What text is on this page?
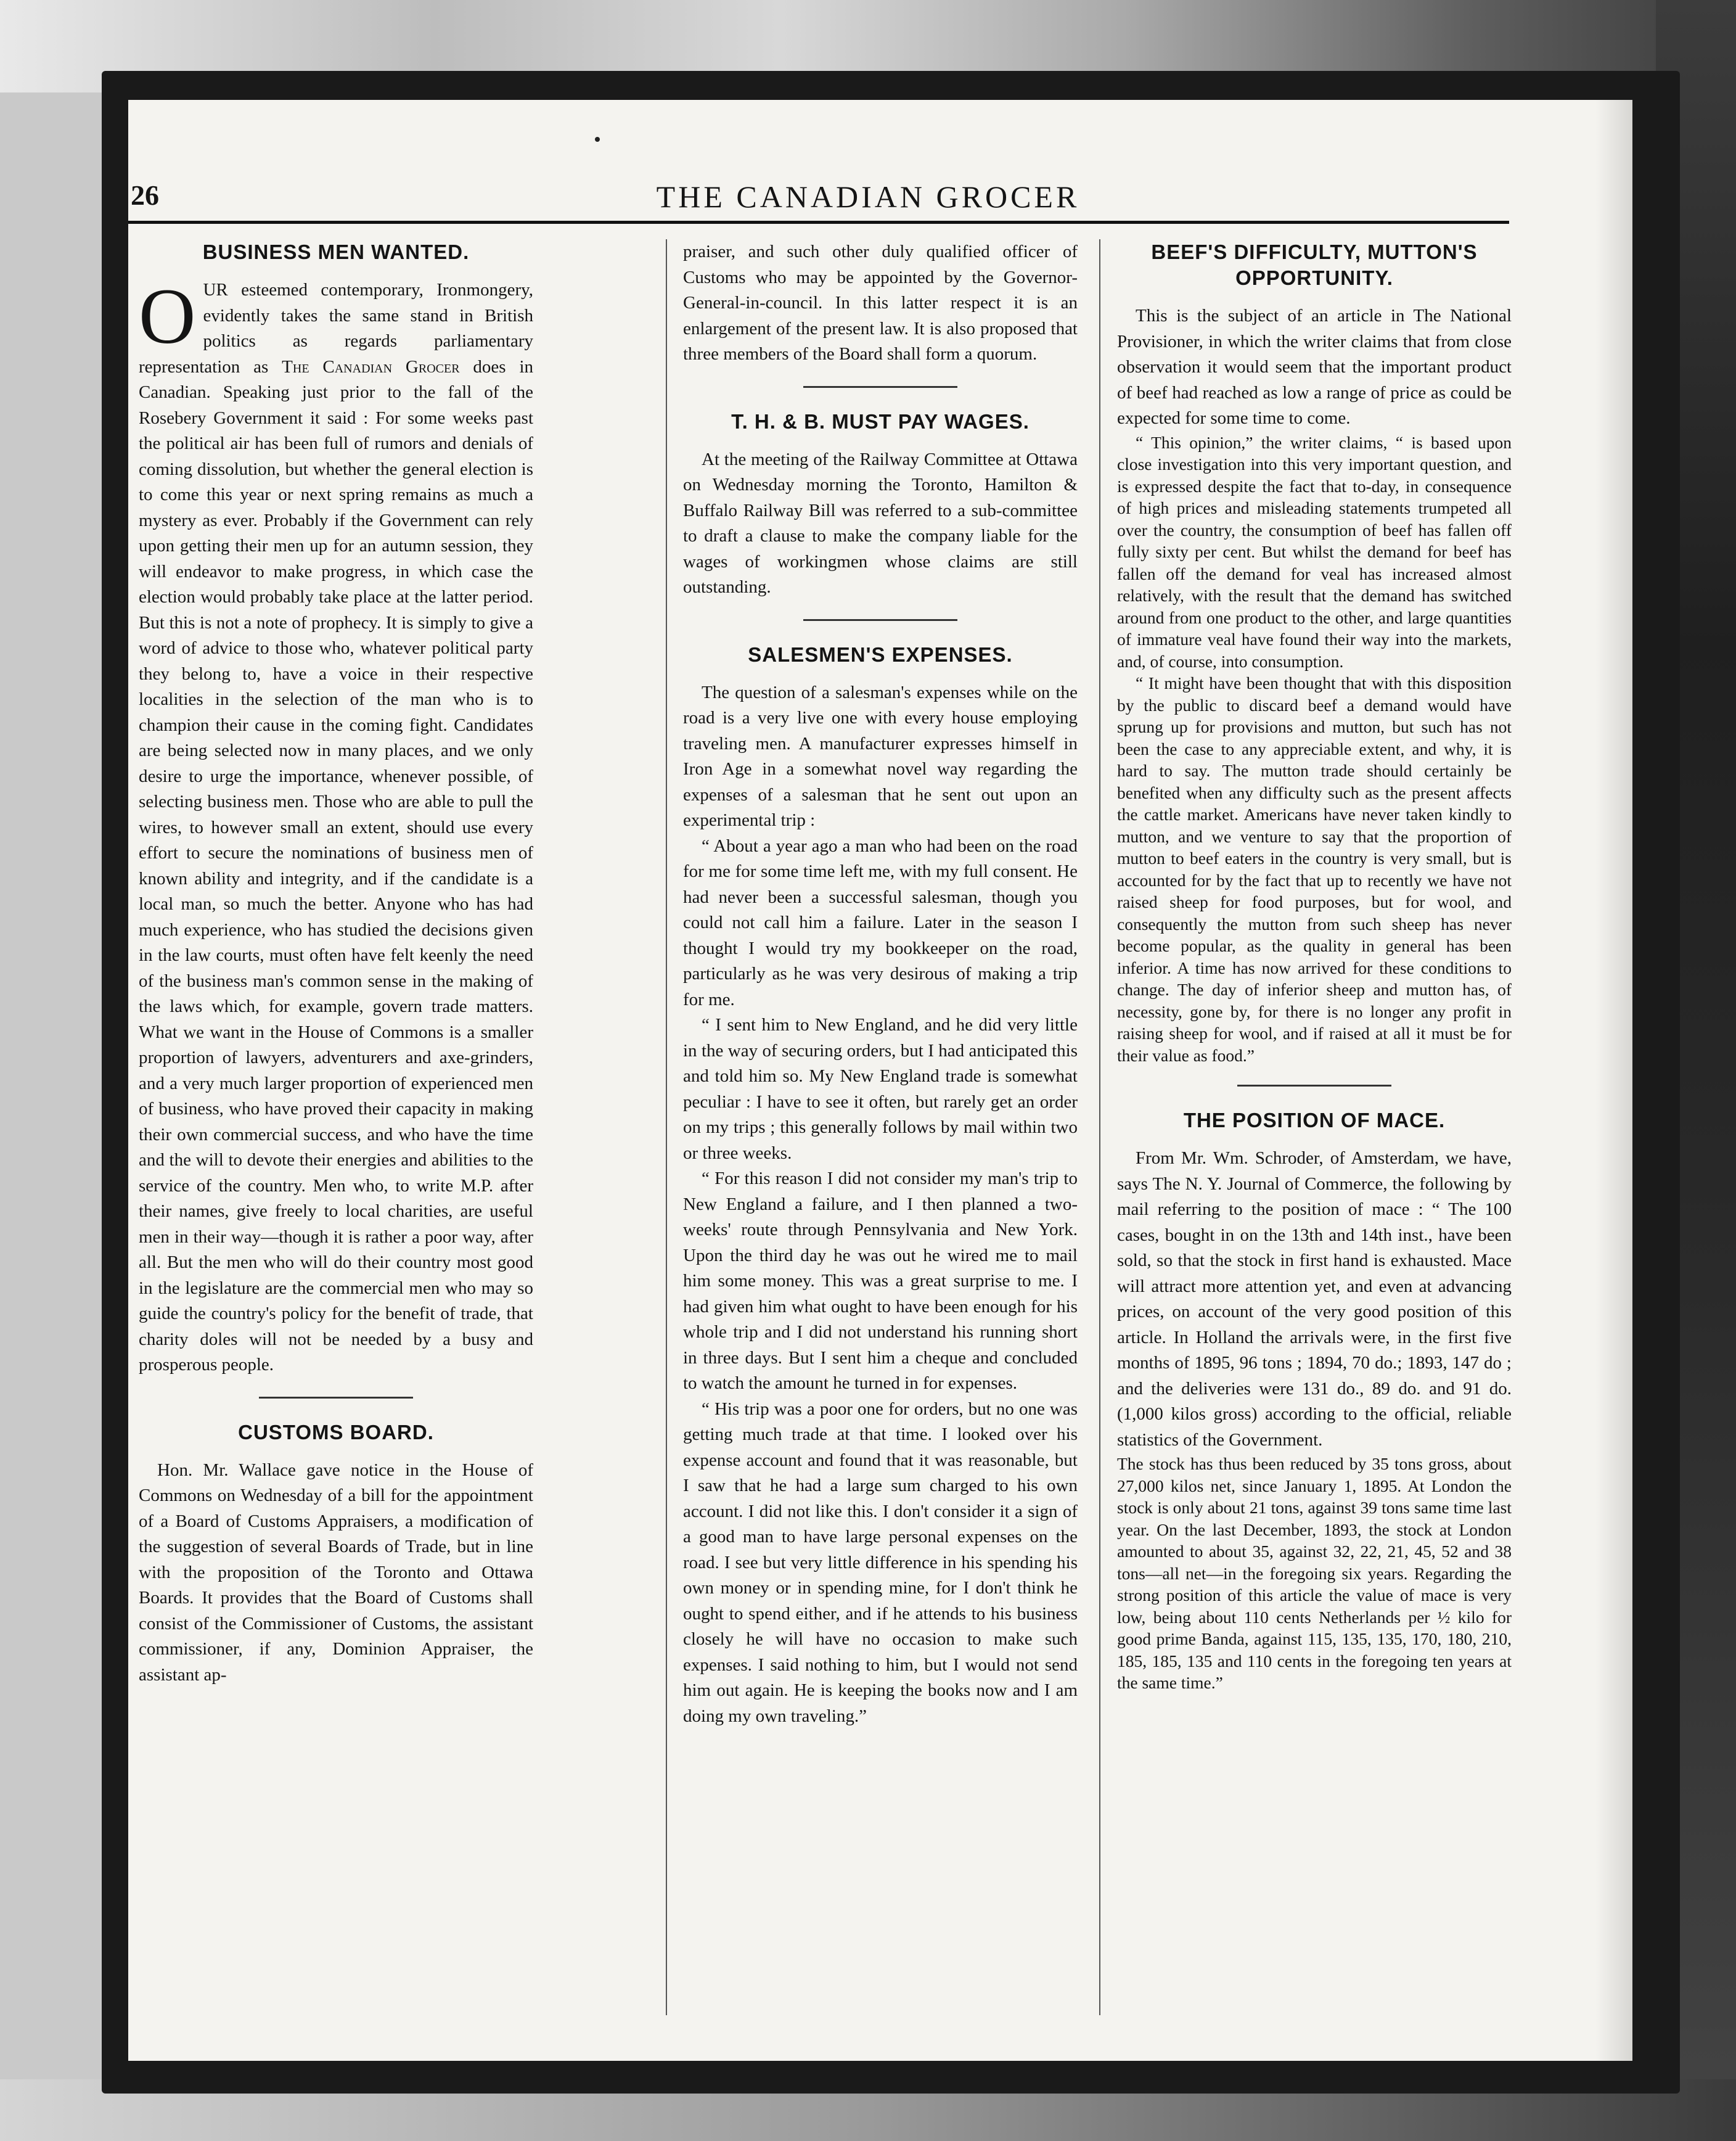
26	THE CANADIAN GROCER
BUSINESS MEN WANTED.

OUR esteemed contemporary, Ironmongery, evidently takes the same stand in British politics as regards parliamentary representation as The Canadian Grocer does in Canadian. Speaking just prior to the fall of the Rosebery Government it said : For some weeks past the political air has been full of rumors and denials of coming dissolution, but whether the general election is to come this year or next spring remains as much a mystery as ever. Probably if the Government can rely upon getting their men up for an autumn session, they will endeavor to make progress, in which case the election would probably take place at the latter period. But this is not a note of prophecy. It is simply to give a word of advice to those who, whatever political party they belong to, have a voice in their respective localities in the selection of the man who is to champion their cause in the coming fight. Candidates are being selected now in many places, and we only desire to urge the importance, whenever possible, of selecting business men. Those who are able to pull the wires, to however small an extent, should use every effort to secure the nominations of business men of known ability and integrity, and if the candidate is a local man, so much the better. Anyone who has had much experience, who has studied the decisions given in the law courts, must often have felt keenly the need of the business man's common sense in the making of the laws which, for example, govern trade matters. What we want in the House of Commons is a smaller proportion of lawyers, adventurers and axe-grinders, and a very much larger proportion of experienced men of business, who have proved their capacity in making their own commercial success, and who have the time and the will to devote their energies and abilities to the service of the country. Men who, to write M.P. after their names, give freely to local charities, are useful men in their way—though it is rather a poor way, after all. But the men who will do their country most good in the legislature are the commercial men who may so guide the country's policy for the benefit of trade, that charity doles will not be needed by a busy and prosperous people.

CUSTOMS BOARD.

Hon. Mr. Wallace gave notice in the House of Commons on Wednesday of a bill for the appointment of a Board of Customs Appraisers, a modification of the suggestion of several Boards of Trade, but in line with the proposition of the Toronto and Ottawa Boards. It provides that the Board of Customs shall consist of the Commissioner of Customs, the assistant commissioner, if any, Dominion Appraiser, the assistant ap-

praiser, and such other duly qualified officer of Customs who may be appointed by the Governor-General-in-council. In this latter respect it is an enlargement of the present law. It is also proposed that three members of the Board shall form a quorum.

T. H. & B. MUST PAY WAGES.

At the meeting of the Railway Committee at Ottawa on Wednesday morning the Toronto, Hamilton & Buffalo Railway Bill was referred to a sub-committee to draft a clause to make the company liable for the wages of workingmen whose claims are still outstanding.

SALESMEN'S EXPENSES.

The question of a salesman's expenses while on the road is a very live one with every house employing traveling men. A manufacturer expresses himself in Iron Age in a somewhat novel way regarding the expenses of a salesman that he sent out upon an experimental trip :

“ About a year ago a man who had been on the road for me for some time left me, with my full consent. He had never been a successful salesman, though you could not call him a failure. Later in the season I thought I would try my bookkeeper on the road, particularly as he was very desirous of making a trip for me.

“ I sent him to New England, and he did very little in the way of securing orders, but I had anticipated this and told him so. My New England trade is somewhat peculiar : I have to see it often, but rarely get an order on my trips ; this generally follows by mail within two or three weeks.

“ For this reason I did not consider my man's trip to New England a failure, and I then planned a two-weeks' route through Pennsylvania and New York. Upon the third day he was out he wired me to mail him some money. This was a great surprise to me. I had given him what ought to have been enough for his whole trip and I did not understand his running short in three days. But I sent him a cheque and concluded to watch the amount he turned in for expenses.

“ His trip was a poor one for orders, but no one was getting much trade at that time. I looked over his expense account and found that it was reasonable, but I saw that he had a large sum charged to his own account. I did not like this. I don't consider it a sign of a good man to have large personal expenses on the road. I see but very little difference in his spending his own money or in spending mine, for I don't think he ought to spend either, and if he attends to his business closely he will have no occasion to make such expenses. I said nothing to him, but I would not send him out again. He is keeping the books now and I am doing my own traveling.”

BEEF'S DIFFICULTY, MUTTON'S OPPORTUNITY.

This is the subject of an article in The National Provisioner, in which the writer claims that from close observation it would seem that the important product of beef had reached as low a range of price as could be expected for some time to come.

“ This opinion,” the writer claims, “ is based upon close investigation into this very important question, and is expressed despite the fact that to-day, in consequence of high prices and misleading statements trumpeted all over the country, the consumption of beef has fallen off fully sixty per cent. But whilst the demand for beef has fallen off the demand for veal has increased almost relatively, with the result that the demand has switched around from one product to the other, and large quantities of immature veal have found their way into the markets, and, of course, into consumption.

“ It might have been thought that with this disposition by the public to discard beef a demand would have sprung up for provisions and mutton, but such has not been the case to any appreciable extent, and why, it is hard to say. The mutton trade should certainly be benefited when any difficulty such as the present affects the cattle market. Americans have never taken kindly to mutton, and we venture to say that the proportion of mutton to beef eaters in the country is very small, but is accounted for by the fact that up to recently we have not raised sheep for food purposes, but for wool, and consequently the mutton from such sheep has never become popular, as the quality in general has been inferior. A time has now arrived for these conditions to change. The day of inferior sheep and mutton has, of necessity, gone by, for there is no longer any profit in raising sheep for wool, and if raised at all it must be for their value as food.”

THE POSITION OF MACE.

From Mr. Wm. Schroder, of Amsterdam, we have, says The N. Y. Journal of Commerce, the following by mail referring to the position of mace : “ The 100 cases, bought in on the 13th and 14th inst., have been sold, so that the stock in first hand is exhausted. Mace will attract more attention yet, and even at advancing prices, on account of the very good position of this article. In Holland the arrivals were, in the first five months of 1895, 96 tons ; 1894, 70 do.; 1893, 147 do ; and the deliveries were 131 do., 89 do. and 91 do. (1,000 kilos gross) according to the official, reliable statistics of the Government.

The stock has thus been reduced by 35 tons gross, about 27,000 kilos net, since January 1, 1895. At London the stock is only about 21 tons, against 39 tons same time last year. On the last December, 1893, the stock at London amounted to about 35, against 32, 22, 21, 45, 52 and 38 tons—all net—in the foregoing six years. Regarding the strong position of this article the value of mace is very low, being about 110 cents Netherlands per ½ kilo for good prime Banda, against 115, 135, 135, 170, 180, 210, 185, 185, 135 and 110 cents in the foregoing ten years at the same time.”
